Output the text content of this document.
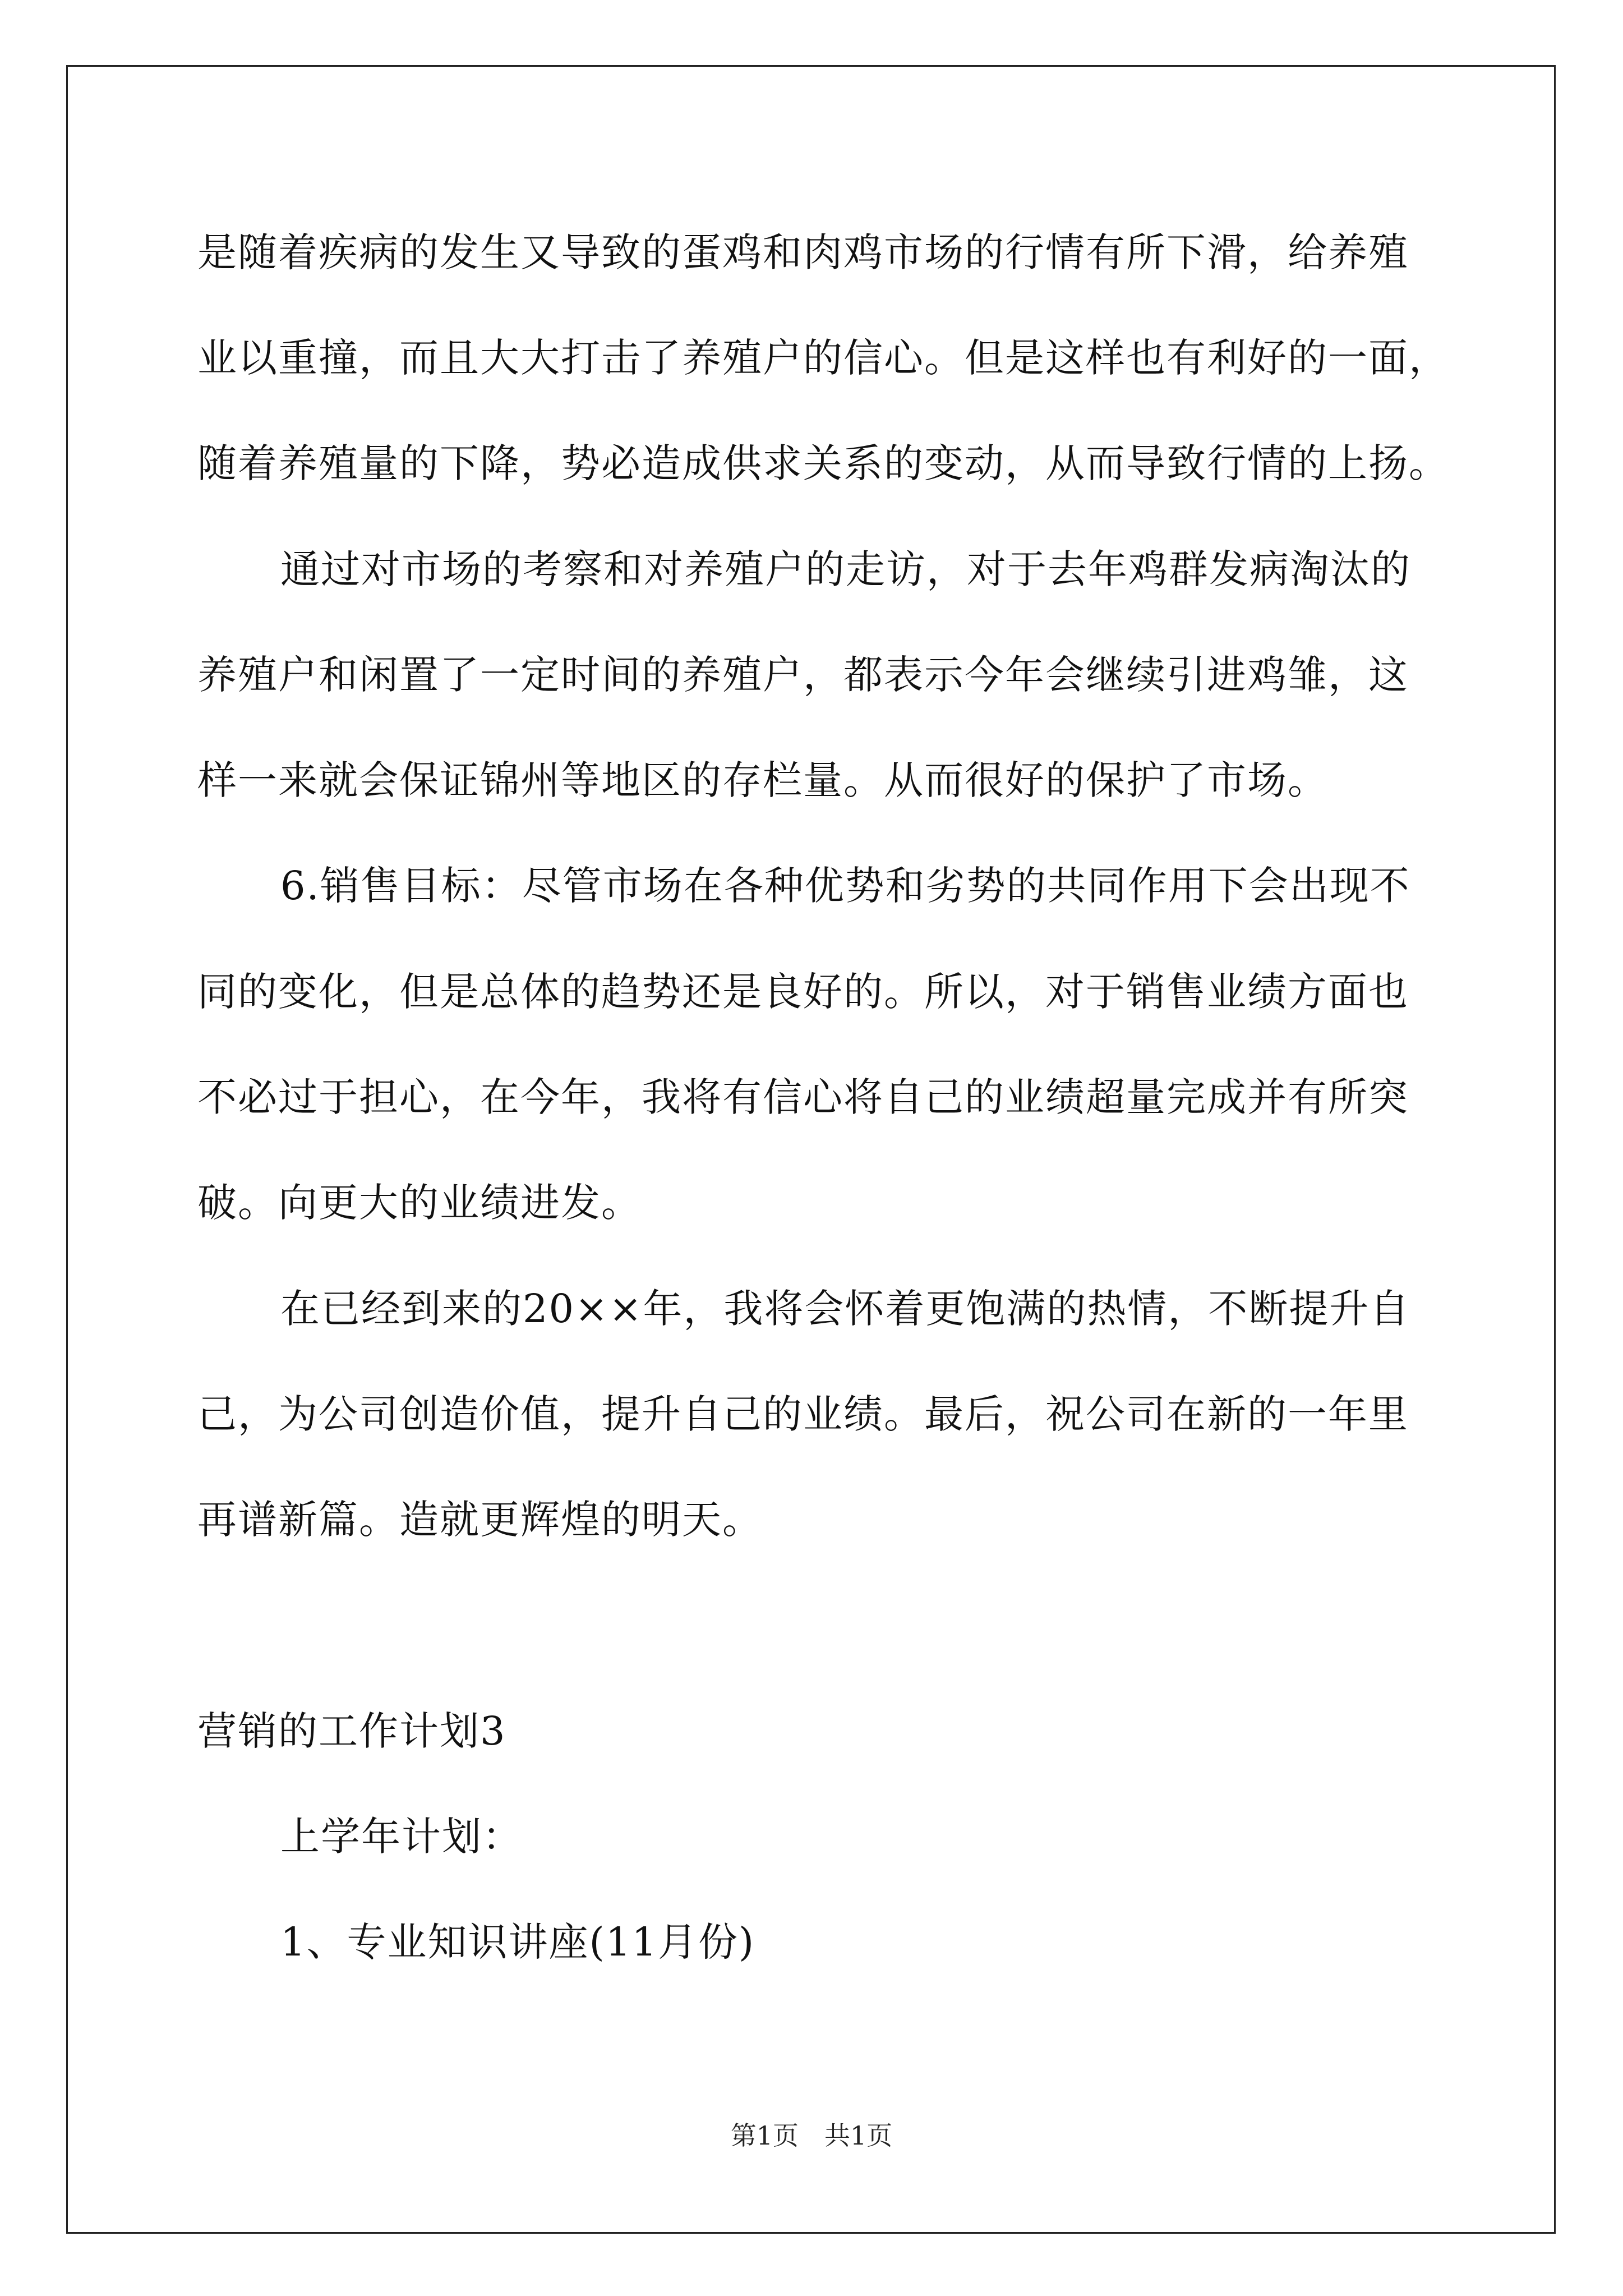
是随着疾病的发生又导致的蛋鸡和肉鸡市场的行情有所下滑，给养殖
业以重撞，而且大大打击了养殖户的信心。但是这样也有利好的一面，
随着养殖量的下降，势必造成供求关系的变动，从而导致行情的上扬。
通过对市场的考察和对养殖户的走访，对于去年鸡群发病淘汰的
养殖户和闲置了一定时间的养殖户，都表示今年会继续引进鸡雏，这
样一来就会保证锦州等地区的存栏量。从而很好的保护了市场。
6.销售目标：尽管市场在各种优势和劣势的共同作用下会出现不
同的变化，但是总体的趋势还是良好的。所以，对于销售业绩方面也
不必过于担心，在今年，我将有信心将自己的业绩超量完成并有所突
破。向更大的业绩进发。
在已经到来的20××年，我将会怀着更饱满的热情，不断提升自
己，为公司创造价值，提升自己的业绩。最后，祝公司在新的一年里
再谱新篇。造就更辉煌的明天。
营销的工作计划3
上学年计划：
1、专业知识讲座(11月份)
第1页　共1页
